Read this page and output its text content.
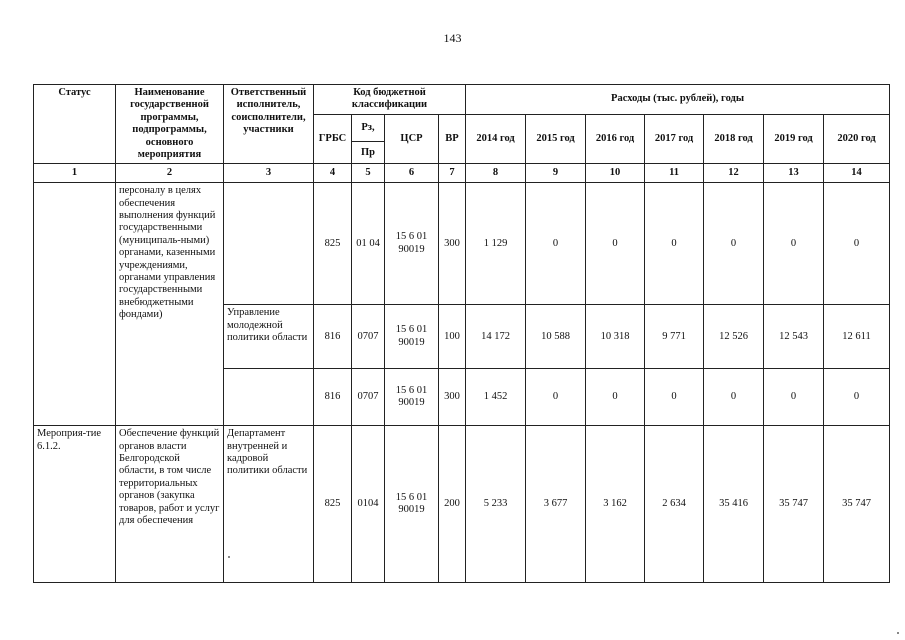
143
Статус	Наименование государственной программы, подпрограммы, основного мероприятия	Ответственный исполнитель, соисполнители, участники	Код бюджетной классификации				Расходы (тыс. рублей), годы						
			ГРБС	Рз,	ЦСР	ВР	2014 год	2015 год	2016 год	2017 год	2018 год	2019 год	2020 год
				Пр									
1	2	3	4	5	6	7	8	9	10	11	12	13	14
	персоналу в целях обеспечения выполнения функций государственными (муниципаль-ными) органами, казенными учреждениями, органами управления государственными внебюджетными фондами)		825	01 04	15 6 01 90019	300	1 129	0	0	0	0	0	0
		Управление молодежной политики области	816	0707	15 6 01 90019	100	14 172	10 588	10 318	9 771	12 526	12 543	12 611
			816	0707	15 6 01 90019	300	1 452	0	0	0	0	0	0
Мероприя-тие 6.1.2.	Обеспечение функций органов власти Белгородской области, в том числе территориальных органов (закупка товаров, работ и услуг для обеспечения	Департамент внутренней и кадровой политики области	825	0104	15 6 01 90019	200	5 233	3 677	3 162	2 634	35 416	35 747	35 747
